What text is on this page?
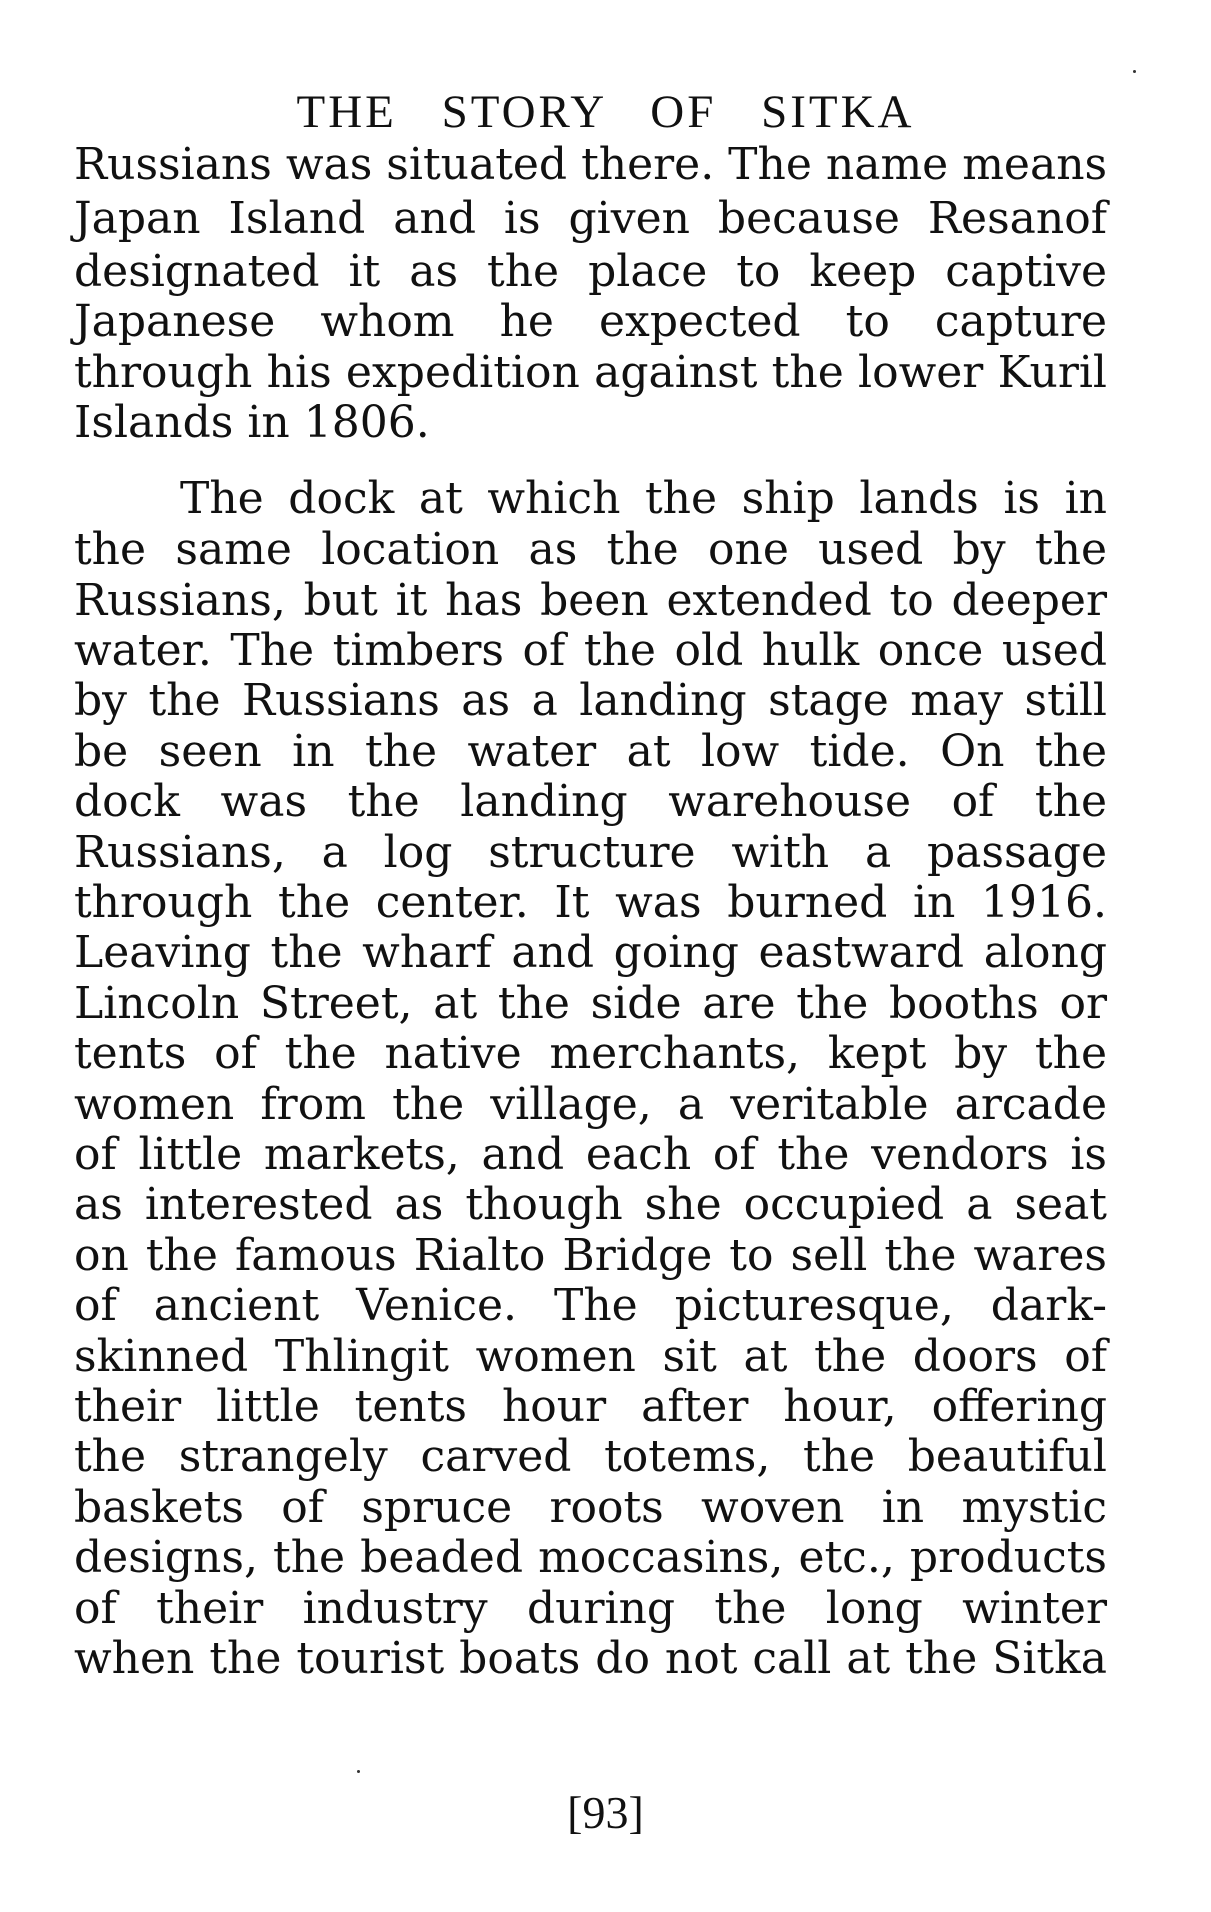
THE STORY OF SITKA
Russians was situated there. The name means
Japan Island and is given because Resanof
designated it as the place to keep captive
Japanese whom he expected to capture
through his expedition against the lower Kuril
Islands in 1806.
The dock at which the ship lands is in
the same location as the one used by the
Russians, but it has been extended to deeper
water. The timbers of the old hulk once used
by the Russians as a landing stage may still
be seen in the water at low tide. On the
dock was the landing warehouse of the
Russians, a log structure with a passage
through the center. It was burned in 1916.
Leaving the wharf and going eastward along
Lincoln Street, at the side are the booths or
tents of the native merchants, kept by the
women from the village, a veritable arcade
of little markets, and each of the vendors is
as interested as though she occupied a seat
on the famous Rialto Bridge to sell the wares
of ancient Venice. The picturesque, dark-
skinned Thlingit women sit at the doors of
their little tents hour after hour, offering
the strangely carved totems, the beautiful
baskets of spruce roots woven in mystic
designs, the beaded moccasins, etc., products
of their industry during the long winter
when the tourist boats do not call at the Sitka
[93]
